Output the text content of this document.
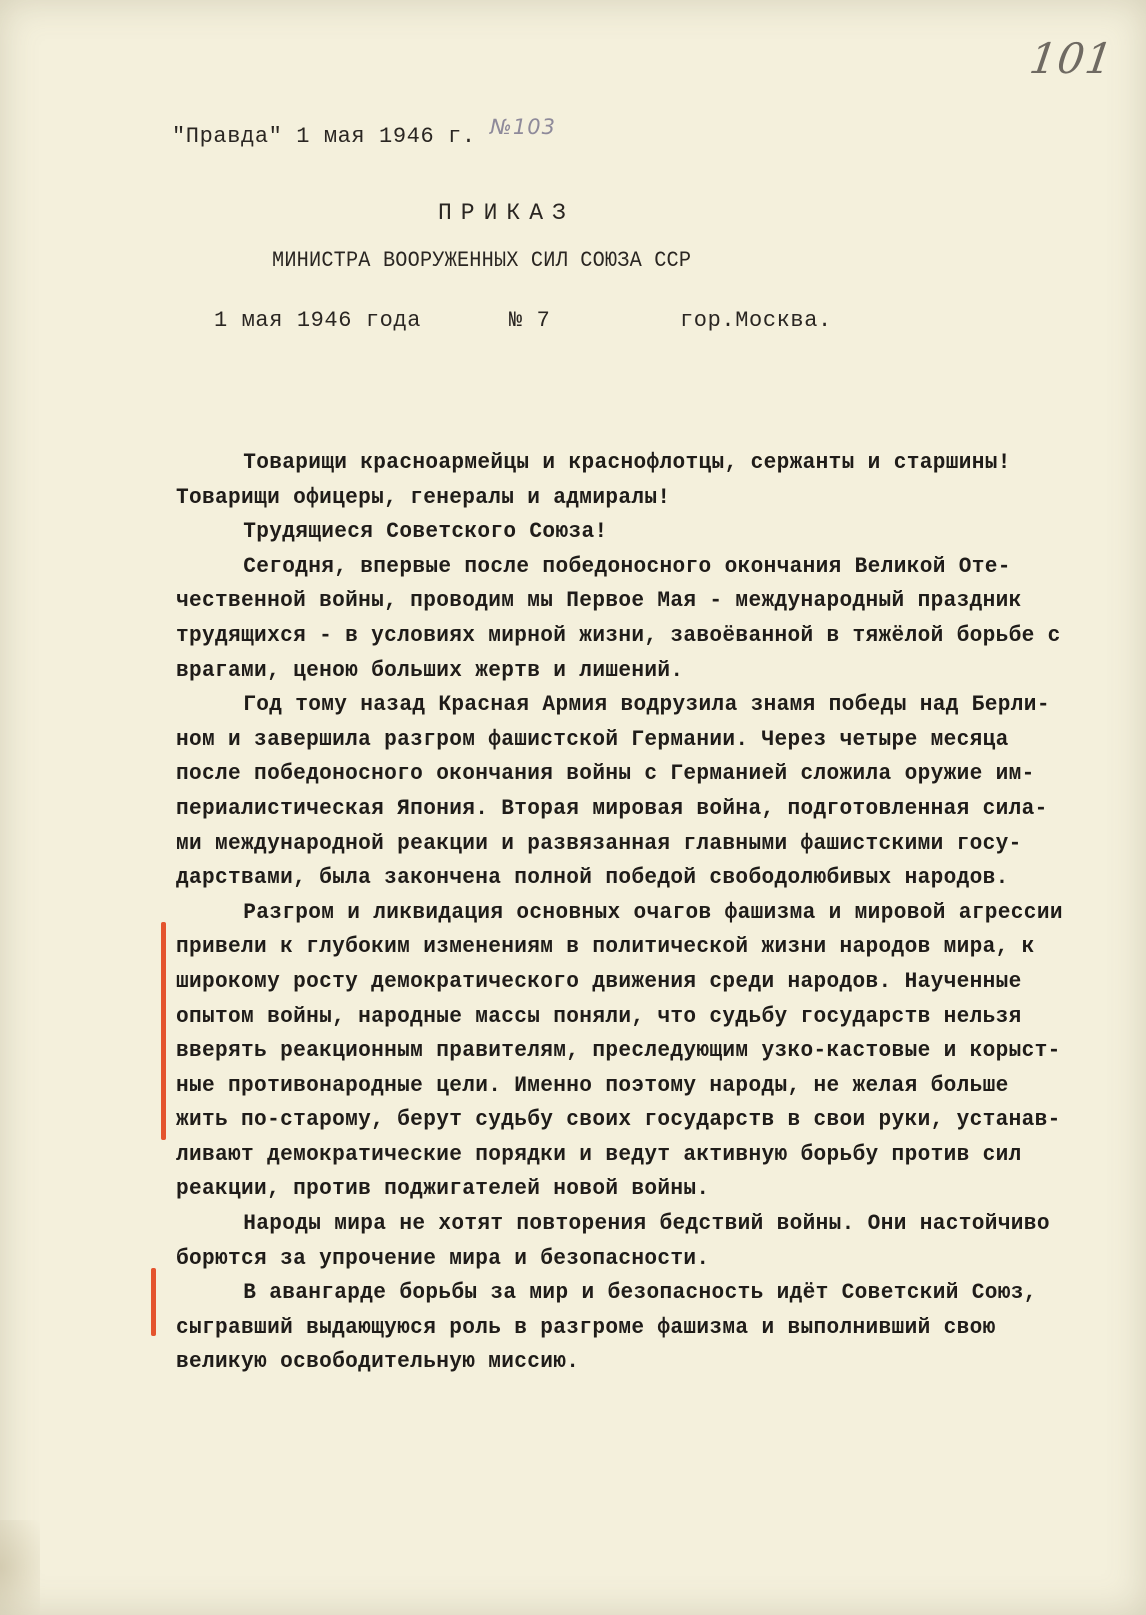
101
"Правда" 1 мая 1946 г. №103
ПРИКАЗ
МИНИСТРА ВООРУЖЕННЫХ СИЛ СОЮЗА ССР
1 мая 1946 года	№ 7	гор.Москва.
Товарищи красноармейцы и краснофлотцы, сержанты и старшины!
Товарищи офицеры, генералы и адмиралы!
Трудящиеся Советского Союза!
Сегодня, впервые после победоносного окончания Великой Оте-
чественной войны, проводим мы Первое Мая - международный праздник
трудящихся - в условиях мирной жизни, завоёванной в тяжёлой борьбе с
врагами, ценою больших жертв и лишений.
Год тому назад Красная Армия водрузила знамя победы над Берли-
ном и завершила разгром фашистской Германии. Через четыре месяца
после победоносного окончания войны с Германией сложила оружие им-
периалистическая Япония. Вторая мировая война, подготовленная сила-
ми международной реакции и развязанная главными фашистскими госу-
дарствами, была закончена полной победой свободолюбивых народов.
Разгром и ликвидация основных очагов фашизма и мировой агрессии
привели к глубоким изменениям в политической жизни народов мира, к
широкому росту демократического движения среди народов. Наученные
опытом войны, народные массы поняли, что судьбу государств нельзя
вверять реакционным правителям, преследующим узко-кастовые и корыст-
ные противонародные цели. Именно поэтому народы, не желая больше
жить по-старому, берут судьбу своих государств в свои руки, устанав-
ливают демократические порядки и ведут активную борьбу против сил
реакции, против поджигателей новой войны.
Народы мира не хотят повторения бедствий войны. Они настойчиво
борются за упрочение мира и безопасности.
В авангарде борьбы за мир и безопасность идёт Советский Союз,
сыгравший выдающуюся роль в разгроме фашизма и выполнивший свою
великую освободительную миссию.
